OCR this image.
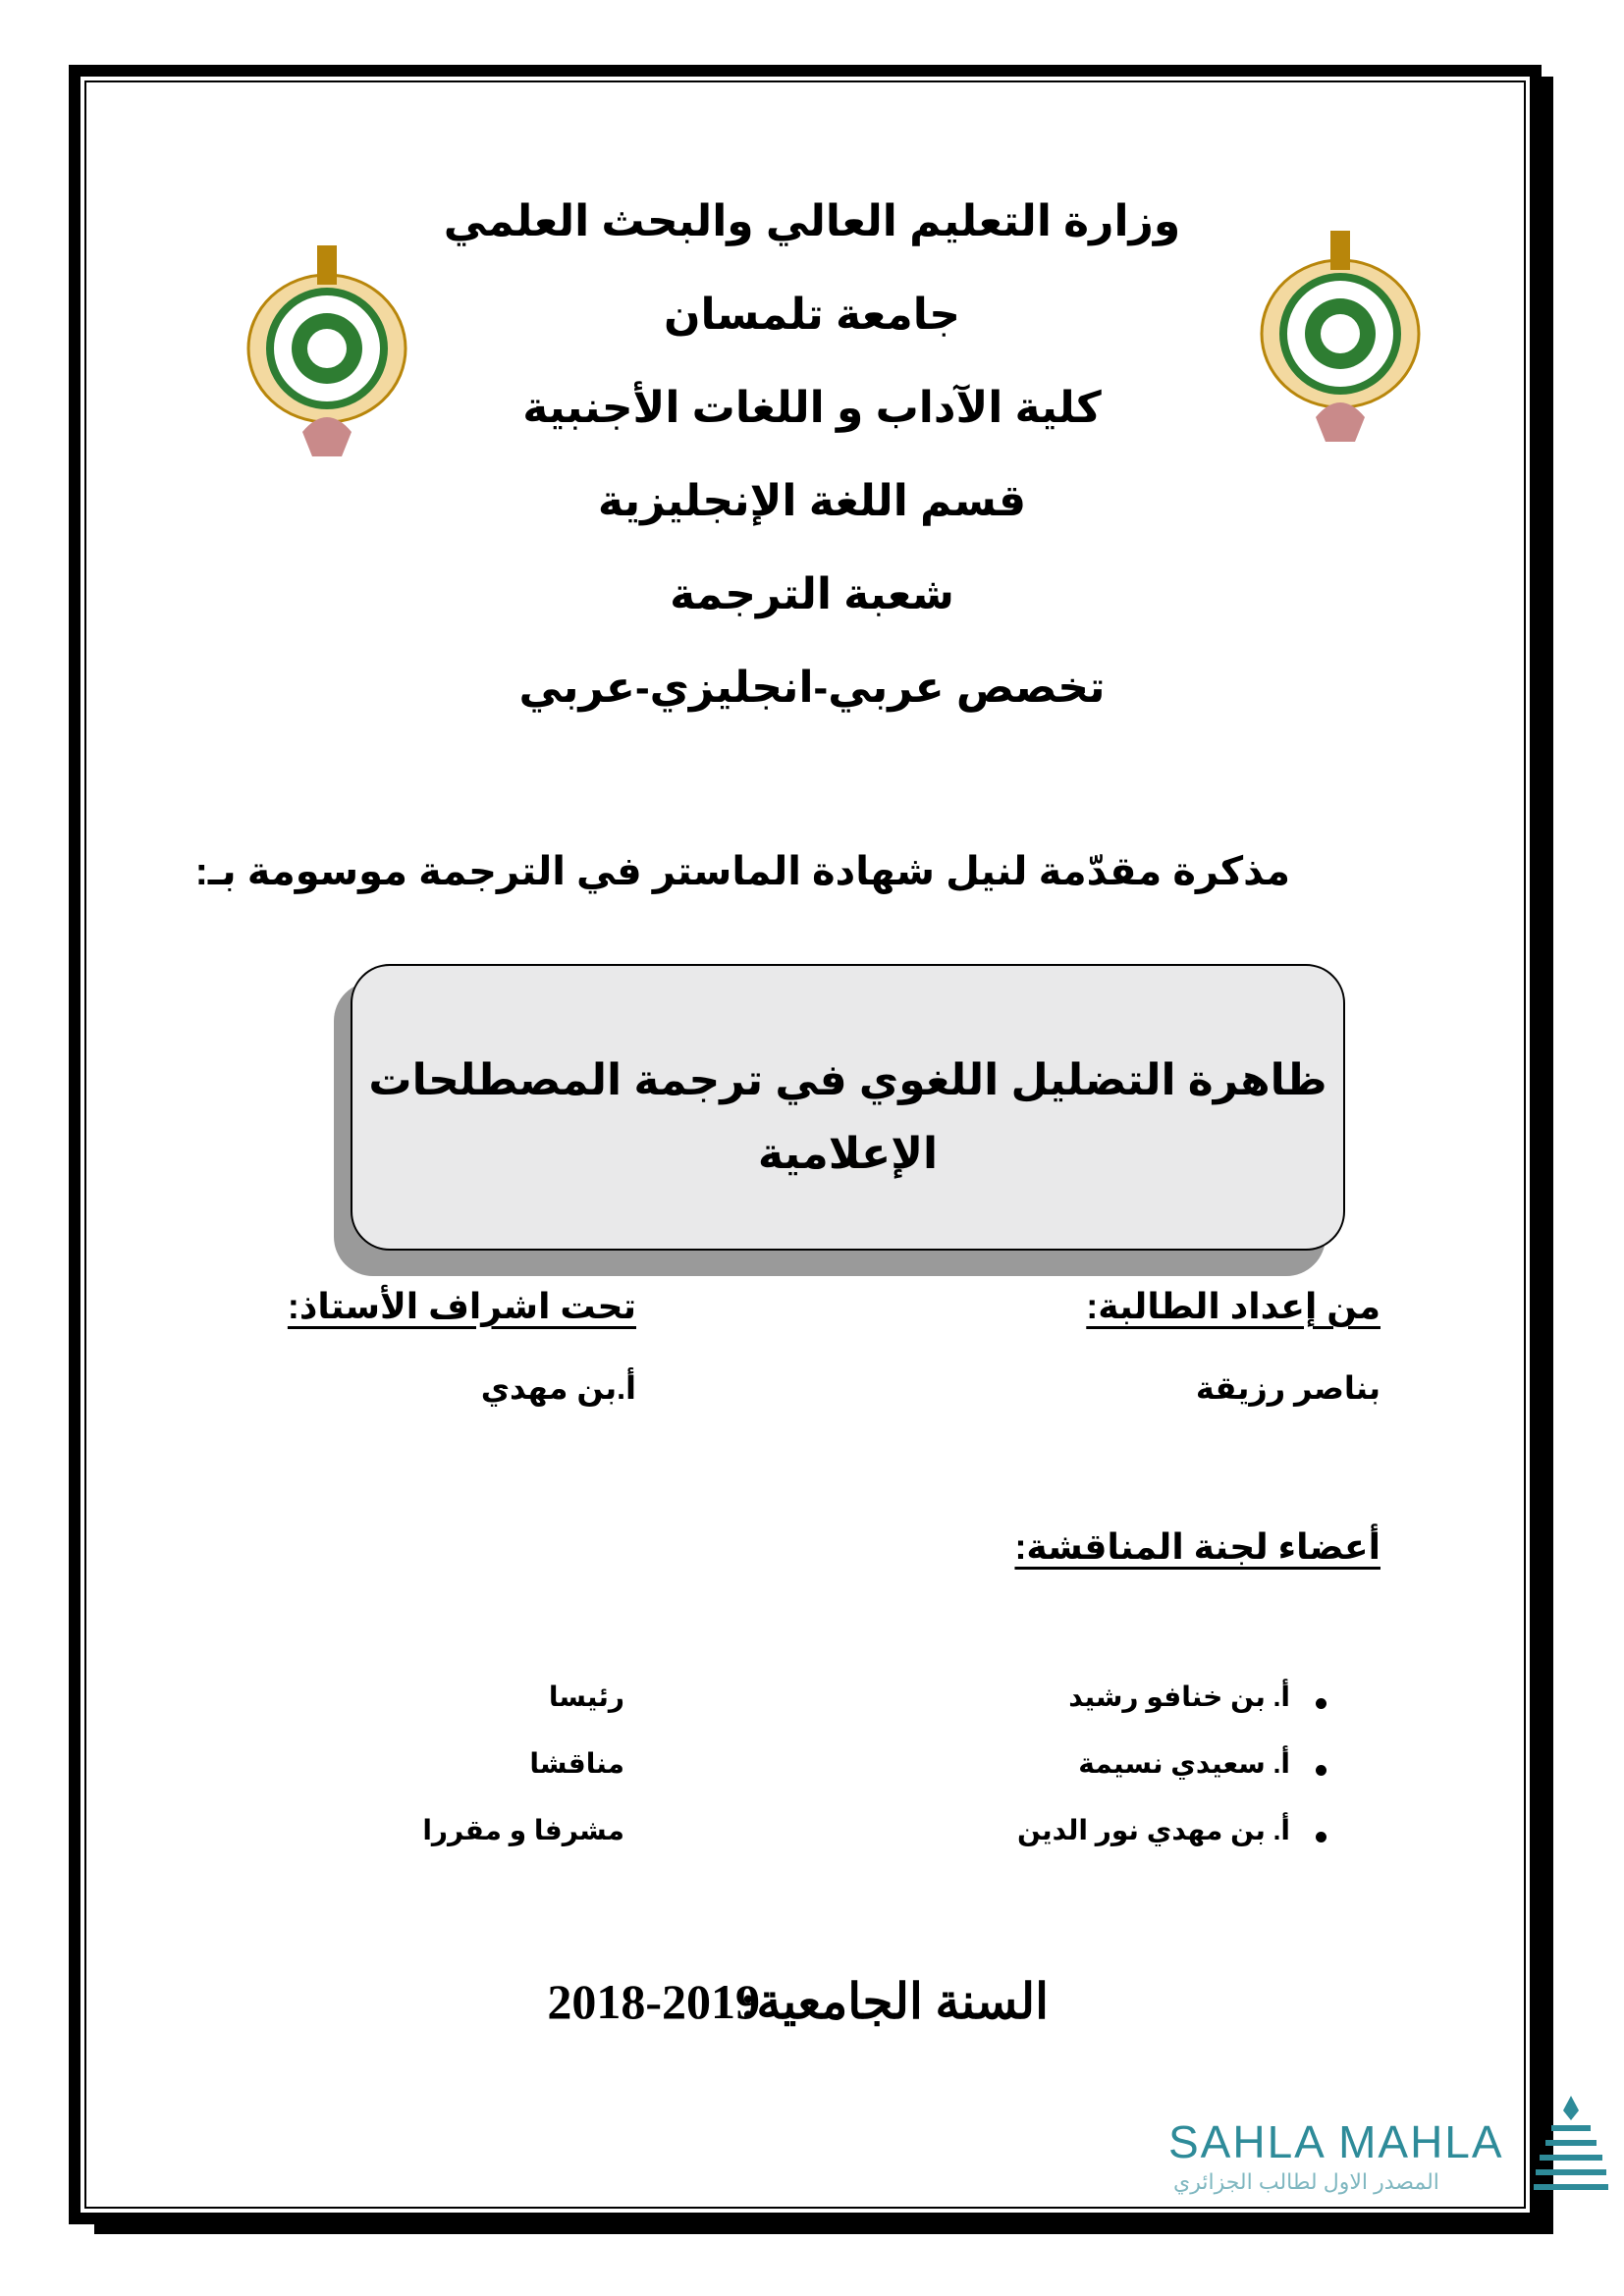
وزارة التعليم العالي والبحث العلمي
جامعة تلمسان
كلية الآداب و اللغات الأجنبية
قسم اللغة الإنجليزية
شعبة الترجمة
تخصص عربي-انجليزي-عربي
مذكرة مقدّمة لنيل شهادة الماستر في الترجمة موسومة بـ:
ظاهرة التضليل اللغوي في ترجمة المصطلحات
الإعلامية
من إعداد الطالبة:
بناصر رزيقة
تحت اشراف الأستاذ:
أ.بن مهدي
أعضاء لجنة المناقشة:
أ. بن خنافو رشيد
رئيسا
أ. سعيدي نسيمة
مناقشا
أ. بن مهدي نور الدين
مشرفا و مقررا
السنة الجامعية:
2018-2019
SAHLA MAHLA
المصدر الاول لطالب الجزائري
